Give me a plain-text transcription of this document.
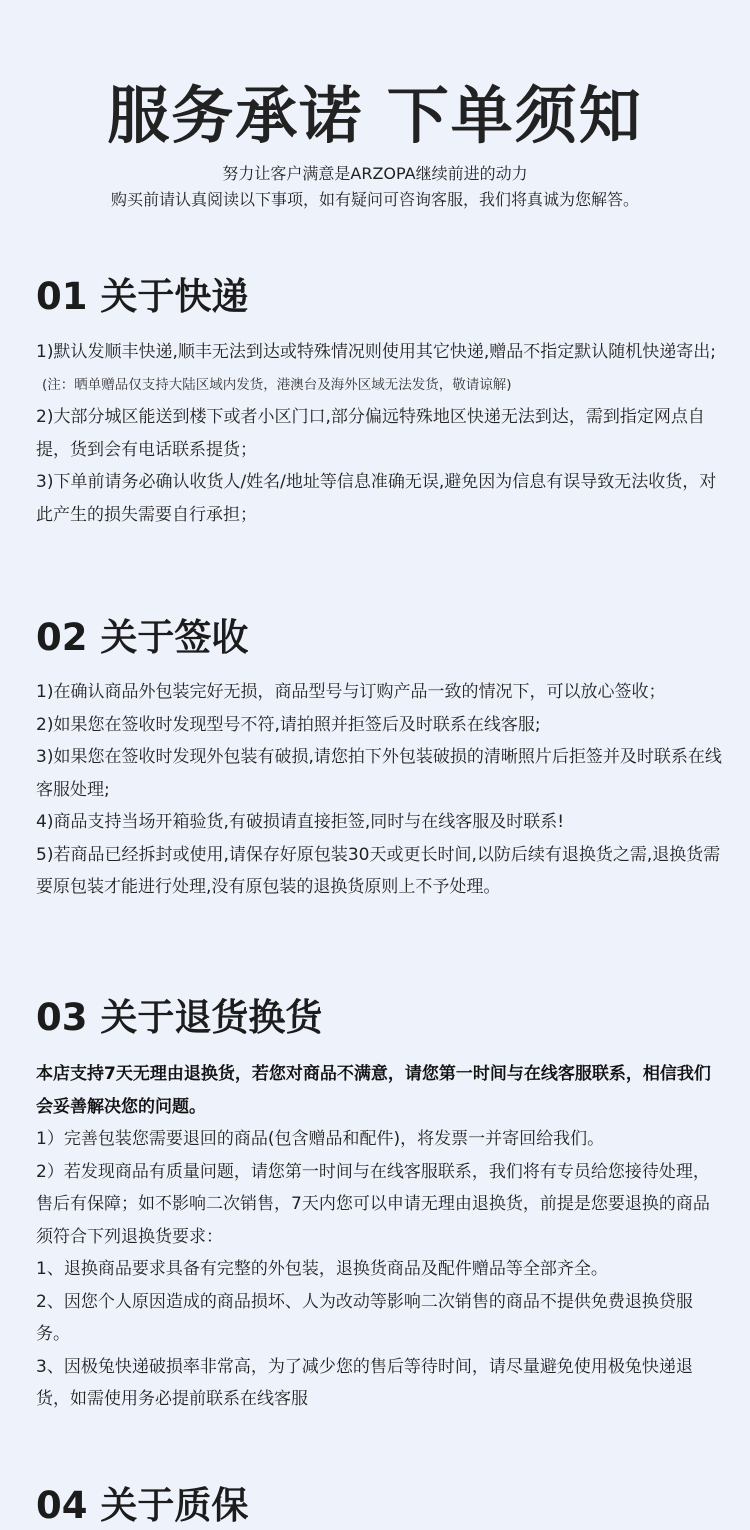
服务承诺 下单须知
努力让客户满意是ARZOPA继续前进的动力
购买前请认真阅读以下事项，如有疑问可咨询客服，我们将真诚为您解答。
01 关于快递

1)默认发顺丰快递,顺丰无法到达或特殊情况则使用其它快递,赠品不指定默认随机快递寄出;

(注：晒单赠品仅支持大陆区域内发货，港澳台及海外区域无法发货，敬请谅解)

2)大部分城区能送到楼下或者小区门口,部分偏远特殊地区快递无法到达，需到指定网点自提，货到会有电话联系提货；

3)下单前请务必确认收货人/姓名/地址等信息准确无误,避免因为信息有误导致无法收货，对此产生的损失需要自行承担；

02 关于签收

1)在确认商品外包装完好无损，商品型号与订购产品一致的情况下，可以放心签收；

2)如果您在签收时发现型号不符,请拍照并拒签后及时联系在线客服;

3)如果您在签收时发现外包装有破损,请您拍下外包装破损的清晰照片后拒签并及时联系在线客服处理;

4)商品支持当场开箱验货,有破损请直接拒签,同时与在线客服及时联系!

5)若商品已经拆封或使用,请保存好原包装30天或更长时间,以防后续有退换货之需,退换货需要原包装才能进行处理,没有原包装的退换货原则上不予处理。

03 关于退货换货

本店支持7天无理由退换货，若您对商品不满意，请您第一时间与在线客服联系，相信我们会妥善解决您的问题。

1）完善包装您需要退回的商品(包含赠品和配件)，将发票一并寄回给我们。

2）若发现商品有质量问题，请您第一时间与在线客服联系，我们将有专员给您接待处理，售后有保障；如不影响二次销售，7天内您可以申请无理由退换货，前提是您要退换的商品须符合下列退换货要求：

1、退换商品要求具备有完整的外包装，退换货商品及配件赠品等全部齐全。

2、因您个人原因造成的商品损坏、人为改动等影响二次销售的商品不提供免费退换贷服务。

3、因极兔快递破损率非常高，为了减少您的售后等待时间，请尽量避免使用极兔快递退货，如需使用务必提前联系在线客服

04 关于质保
